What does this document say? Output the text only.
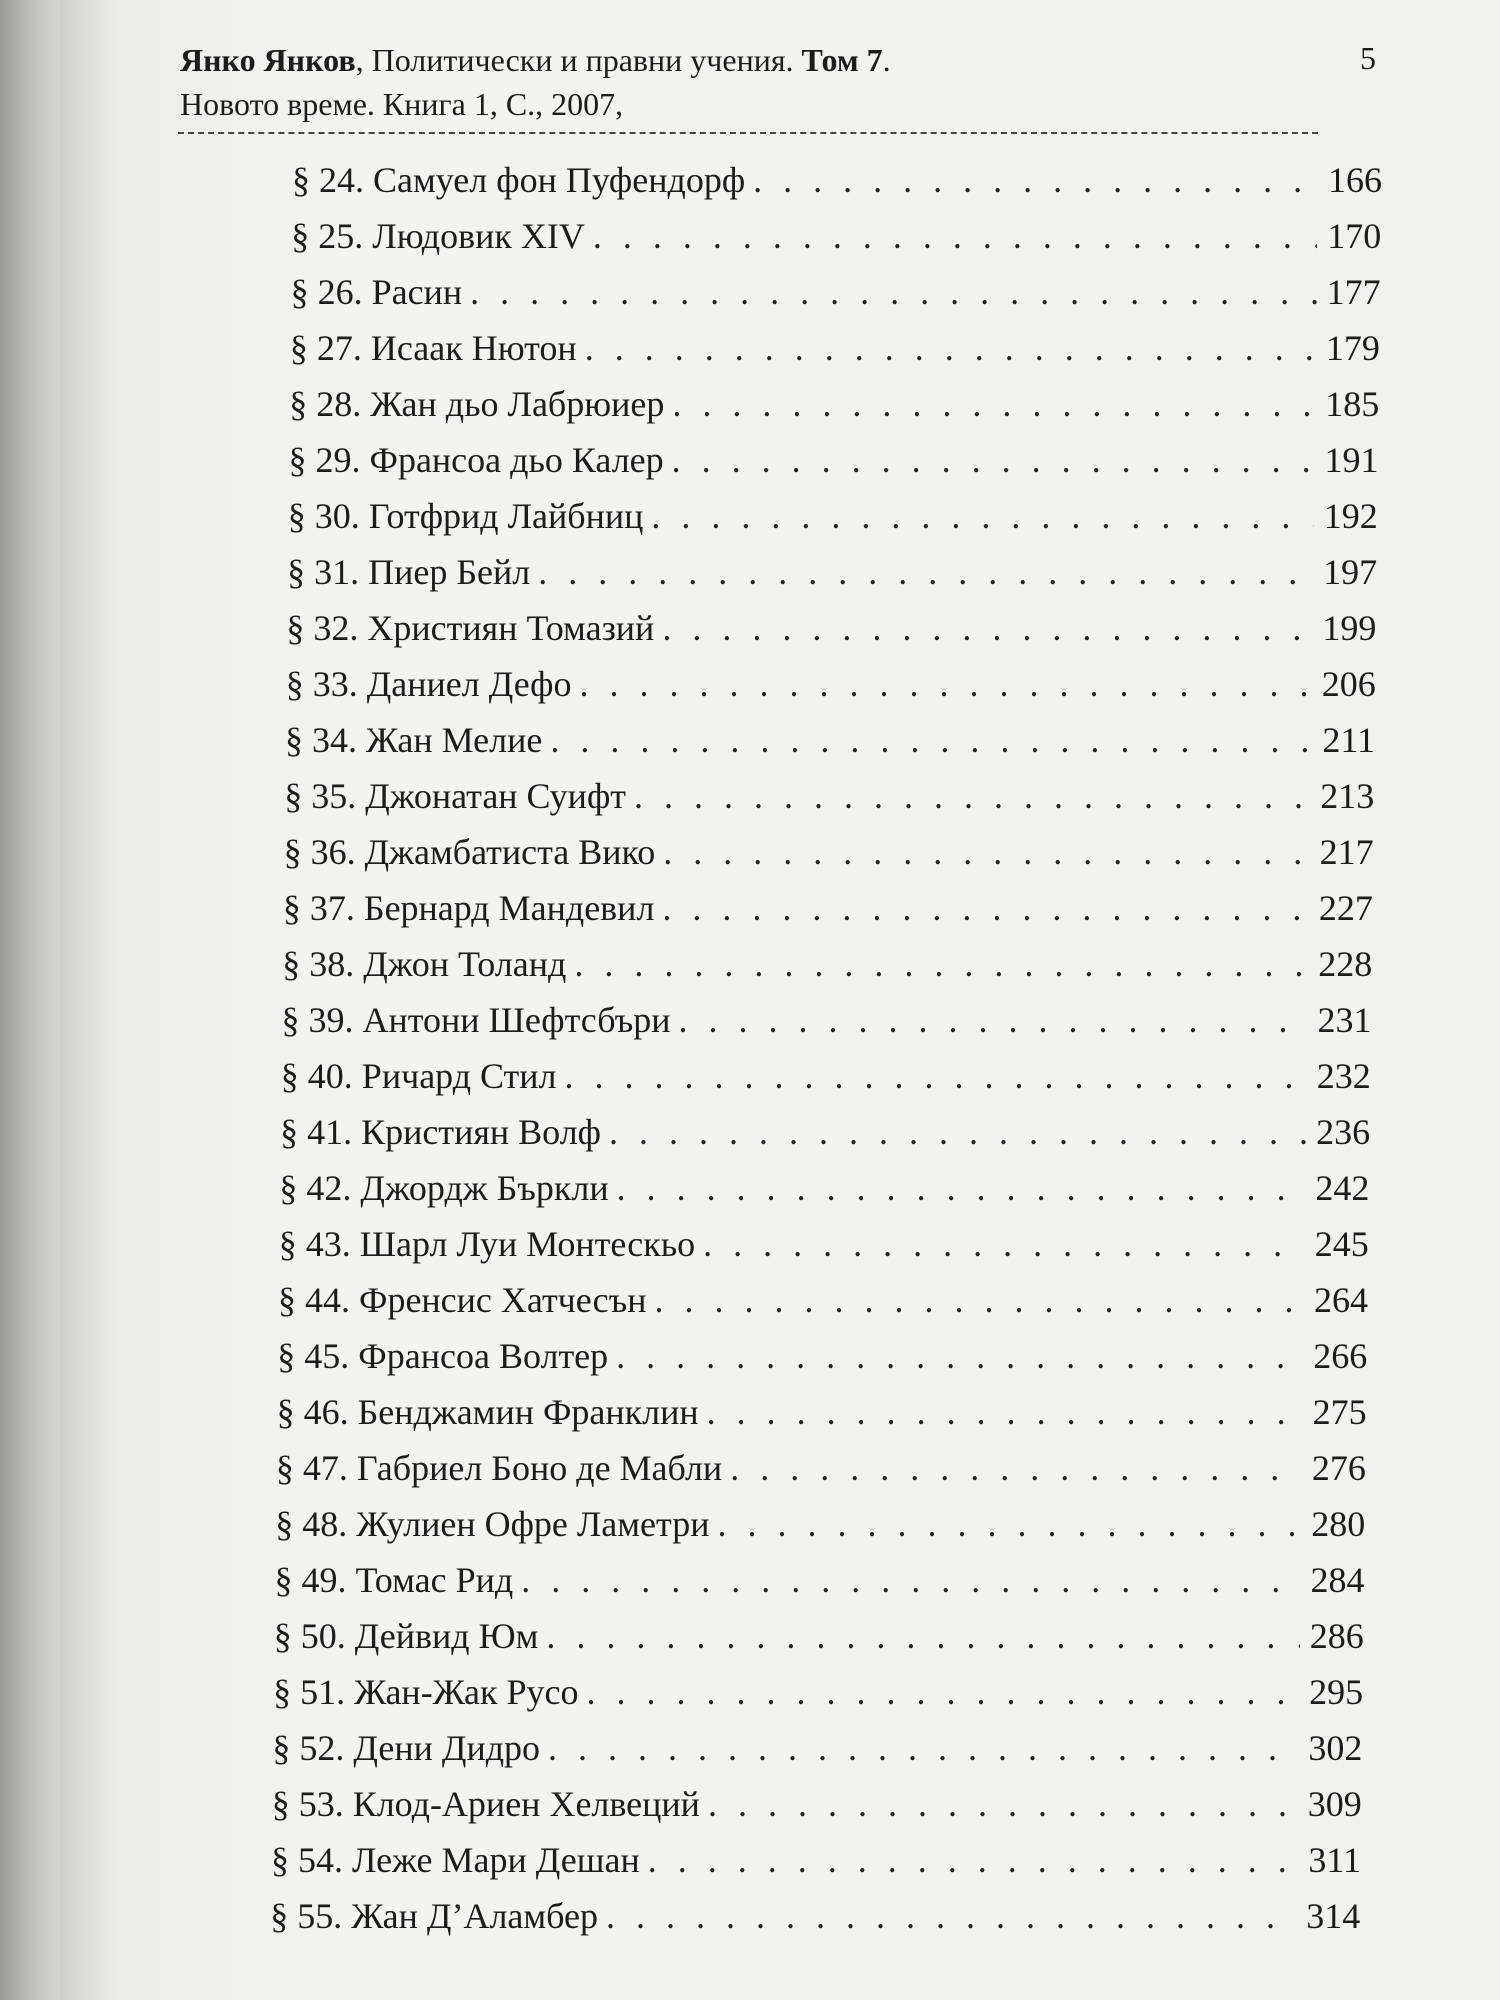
Янко Янков, Политически и правни учения. Том 7.
Новото време. Книга 1, С., 2007,
5
§ 24. Самуел фон Пуфендорф . . .	166
§ 25. Людовик XIV . . .	170
§ 26. Расин . . .	177
§ 27. Исаак Нютон . . .	179
§ 28. Жан дьо Лабрюиер . . .	185
§ 29. Франсоа дьо Калер . . .	191
§ 30. Готфрид Лайбниц . . .	192
§ 31. Пиер Бейл . . .	197
§ 32. Християн Томазий . . .	199
§ 33. Даниел Дефо . . .	206
§ 34. Жан Мелие . . .	211
§ 35. Джонатан Суифт . . .	213
§ 36. Джамбатиста Вико . . .	217
§ 37. Бернард Мандевил . . .	227
§ 38. Джон Толанд . . .	228
§ 39. Антони Шефтсбъри . . .	231
§ 40. Ричард Стил . . .	232
§ 41. Кристиян Волф . . .	236
§ 42. Джордж Бъркли . . .	242
§ 43. Шарл Луи Монтескьо . . .	245
§ 44. Френсис Хатчесън . . .	264
§ 45. Франсоа Волтер . . .	266
§ 46. Бенджамин Франклин . . .	275
§ 47. Габриел Боно де Мабли . . .	276
§ 48. Жулиен Офре Ламетри . . .	280
§ 49. Томас Рид . . .	284
§ 50. Дейвид Юм . . .	286
§ 51. Жан-Жак Русо . . .	295
§ 52. Дени Дидро . . .	302
§ 53. Клод-Ариен Хелвеций . . .	309
§ 54. Леже Мари Дешан . . .	311
§ 55. Жан Д’Аламбер . . .	314
